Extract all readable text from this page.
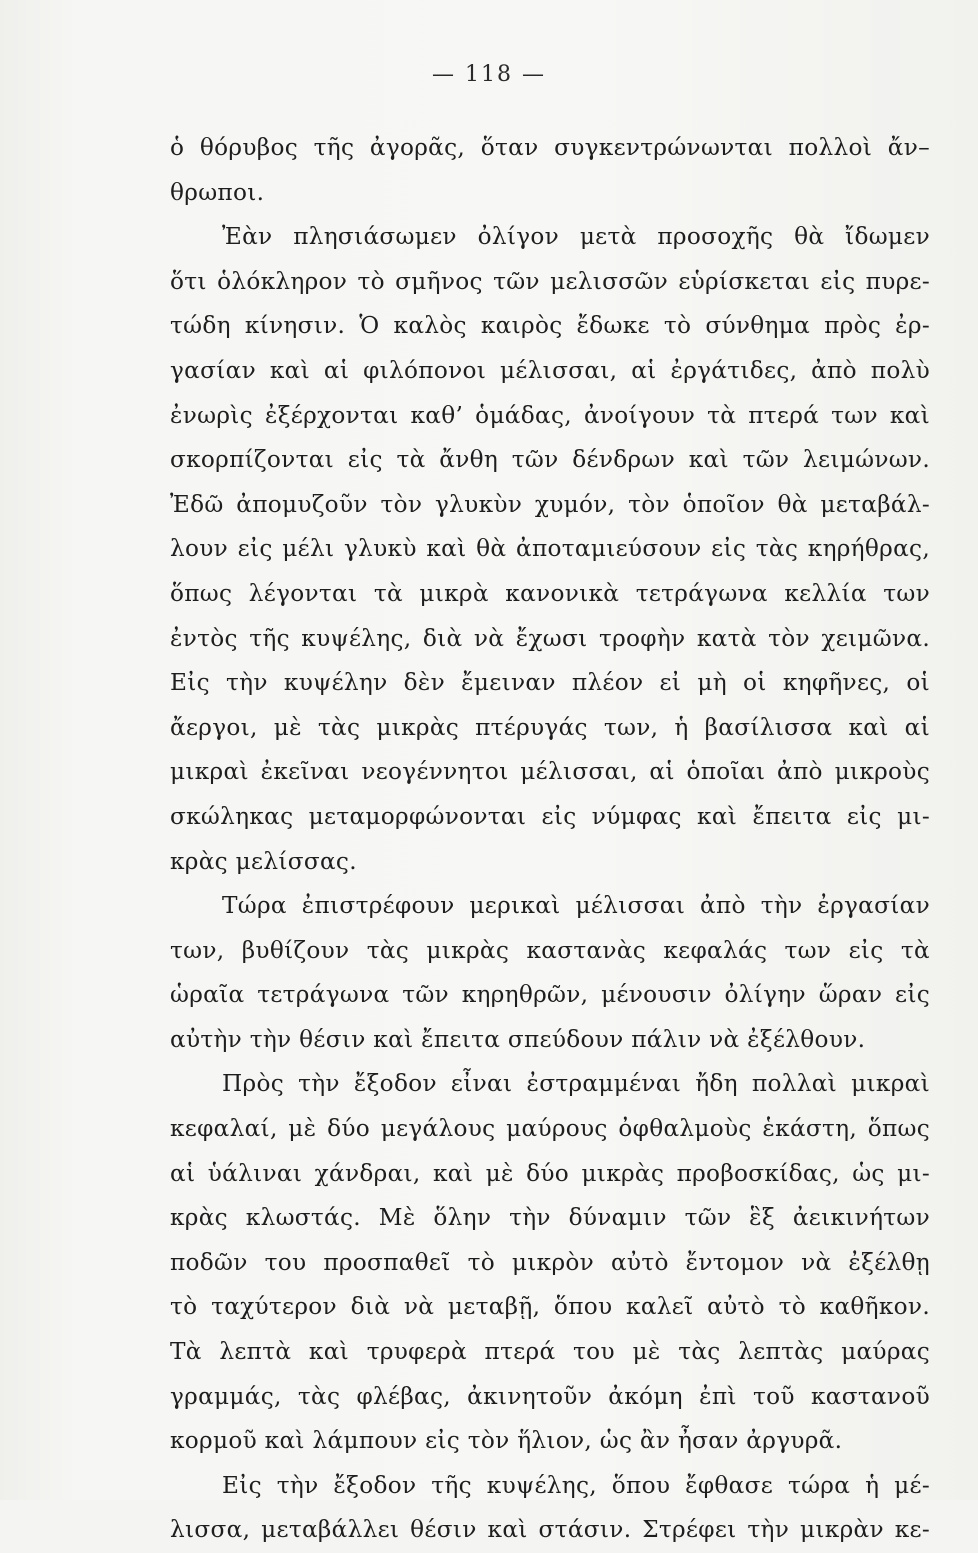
— 118 —
ὁ θόρυβος τῆς ἀγορᾶς, ὅταν συγκεντρώνωνται πολλοὶ ἄν–
θρωποι.
Ἐὰν πλησιάσωμεν ὀλίγον μετὰ προσοχῆς θὰ ἴδωμεν
ὅτι ὁλόκληρον τὸ σμῆνος τῶν μελισσῶν εὑρίσκεται εἰς πυρε-
τώδη κίνησιν. Ὁ καλὸς καιρὸς ἔδωκε τὸ σύνθημα πρὸς ἐρ-
γασίαν καὶ αἱ φιλόπονοι μέλισσαι, αἱ ἐργάτιδες, ἀπὸ πολὺ
ἐνωρὶς ἐξέρχονται καθ’ ὁμάδας, ἀνοίγουν τὰ πτερά των καὶ
σκορπίζονται εἰς τὰ ἄνθη τῶν δένδρων καὶ τῶν λειμώνων.
Ἐδῶ ἀπομυζοῦν τὸν γλυκὺν χυμόν, τὸν ὁποῖον θὰ μεταβάλ-
λουν εἰς μέλι γλυκὺ καὶ θὰ ἀποταμιεύσουν εἰς τὰς κηρήθρας,
ὅπως λέγονται τὰ μικρὰ κανονικὰ τετράγωνα κελλία των
ἐντὸς τῆς κυψέλης, διὰ νὰ ἔχωσι τροφὴν κατὰ τὸν χειμῶνα.
Εἰς τὴν κυψέλην δὲν ἔμειναν πλέον εἰ μὴ οἱ κηφῆνες, οἱ
ἄεργοι, μὲ τὰς μικρὰς πτέρυγάς των, ἡ βασίλισσα καὶ αἱ
μικραὶ ἐκεῖναι νεογέννητοι μέλισσαι, αἱ ὁποῖαι ἀπὸ μικροὺς
σκώληκας μεταμορφώνονται εἰς νύμφας καὶ ἔπειτα εἰς μι-
κρὰς μελίσσας.
Τώρα ἐπιστρέφουν μερικαὶ μέλισσαι ἀπὸ τὴν ἐργασίαν
των, βυθίζουν τὰς μικρὰς καστανὰς κεφαλάς των εἰς τὰ
ὡραῖα τετράγωνα τῶν κηρηθρῶν, μένουσιν ὀλίγην ὥραν εἰς
αὐτὴν τὴν θέσιν καὶ ἔπειτα σπεύδουν πάλιν νὰ ἐξέλθουν.
Πρὸς τὴν ἔξοδον εἶναι ἐστραμμέναι ἤδη πολλαὶ μικραὶ
κεφαλαί, μὲ δύο μεγάλους μαύρους ὀφθαλμοὺς ἑκάστη, ὅπως
αἱ ὑάλιναι χάνδραι, καὶ μὲ δύο μικρὰς προβοσκίδας, ὡς μι-
κρὰς κλωστάς. Μὲ ὅλην τὴν δύναμιν τῶν ἓξ ἀεικινήτων
ποδῶν του προσπαθεῖ τὸ μικρὸν αὐτὸ ἔντομον νὰ ἐξέλθῃ
τὸ ταχύτερον διὰ νὰ μεταβῇ, ὅπου καλεῖ αὐτὸ τὸ καθῆκον.
Τὰ λεπτὰ καὶ τρυφερὰ πτερά του μὲ τὰς λεπτὰς μαύρας
γραμμάς, τὰς φλέβας, ἀκινητοῦν ἀκόμη ἐπὶ τοῦ καστανοῦ
κορμοῦ καὶ λάμπουν εἰς τὸν ἥλιον, ὡς ἂν ἦσαν ἀργυρᾶ.
Εἰς τὴν ἔξοδον τῆς κυψέλης, ὅπου ἔφθασε τώρα ἡ μέ-
λισσα, μεταβάλλει θέσιν καὶ στάσιν. Στρέφει τὴν μικρὰν κε-
